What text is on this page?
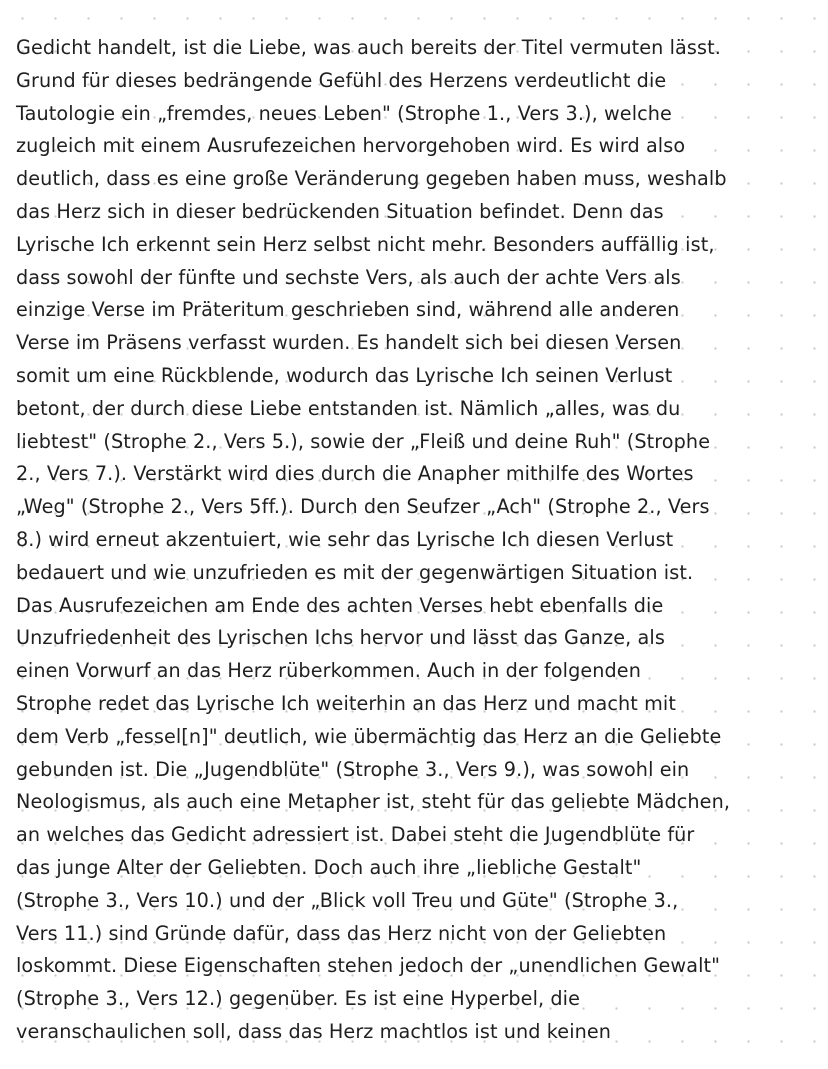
Gedicht handelt, ist die Liebe, was auch bereits der Titel vermuten lässt.
Grund für dieses bedrängende Gefühl des Herzens verdeutlicht die
Tautologie ein „fremdes, neues Leben" (Strophe 1., Vers 3.), welche
zugleich mit einem Ausrufezeichen hervorgehoben wird. Es wird also
deutlich, dass es eine große Veränderung gegeben haben muss, weshalb
das Herz sich in dieser bedrückenden Situation befindet. Denn das
Lyrische Ich erkennt sein Herz selbst nicht mehr. Besonders auffällig ist,
dass sowohl der fünfte und sechste Vers, als auch der achte Vers als
einzige Verse im Präteritum geschrieben sind, während alle anderen
Verse im Präsens verfasst wurden. Es handelt sich bei diesen Versen
somit um eine Rückblende, wodurch das Lyrische Ich seinen Verlust
betont, der durch diese Liebe entstanden ist. Nämlich „alles, was du
liebtest" (Strophe 2., Vers 5.), sowie der „Fleiß und deine Ruh" (Strophe
2., Vers 7.). Verstärkt wird dies durch die Anapher mithilfe des Wortes
„Weg" (Strophe 2., Vers 5ff.). Durch den Seufzer „Ach" (Strophe 2., Vers
8.) wird erneut akzentuiert, wie sehr das Lyrische Ich diesen Verlust
bedauert und wie unzufrieden es mit der gegenwärtigen Situation ist.
Das Ausrufezeichen am Ende des achten Verses hebt ebenfalls die
Unzufriedenheit des Lyrischen Ichs hervor und lässt das Ganze, als
einen Vorwurf an das Herz rüberkommen. Auch in der folgenden
Strophe redet das Lyrische Ich weiterhin an das Herz und macht mit
dem Verb „fessel[n]" deutlich, wie übermächtig das Herz an die Geliebte
gebunden ist. Die „Jugendblüte" (Strophe 3., Vers 9.), was sowohl ein
Neologismus, als auch eine Metapher ist, steht für das geliebte Mädchen,
an welches das Gedicht adressiert ist. Dabei steht die Jugendblüte für
das junge Alter der Geliebten. Doch auch ihre „liebliche Gestalt"
(Strophe 3., Vers 10.) und der „Blick voll Treu und Güte" (Strophe 3.,
Vers 11.) sind Gründe dafür, dass das Herz nicht von der Geliebten
loskommt. Diese Eigenschaften stehen jedoch der „unendlichen Gewalt"
(Strophe 3., Vers 12.) gegenüber. Es ist eine Hyperbel, die
veranschaulichen soll, dass das Herz machtlos ist und keinen
